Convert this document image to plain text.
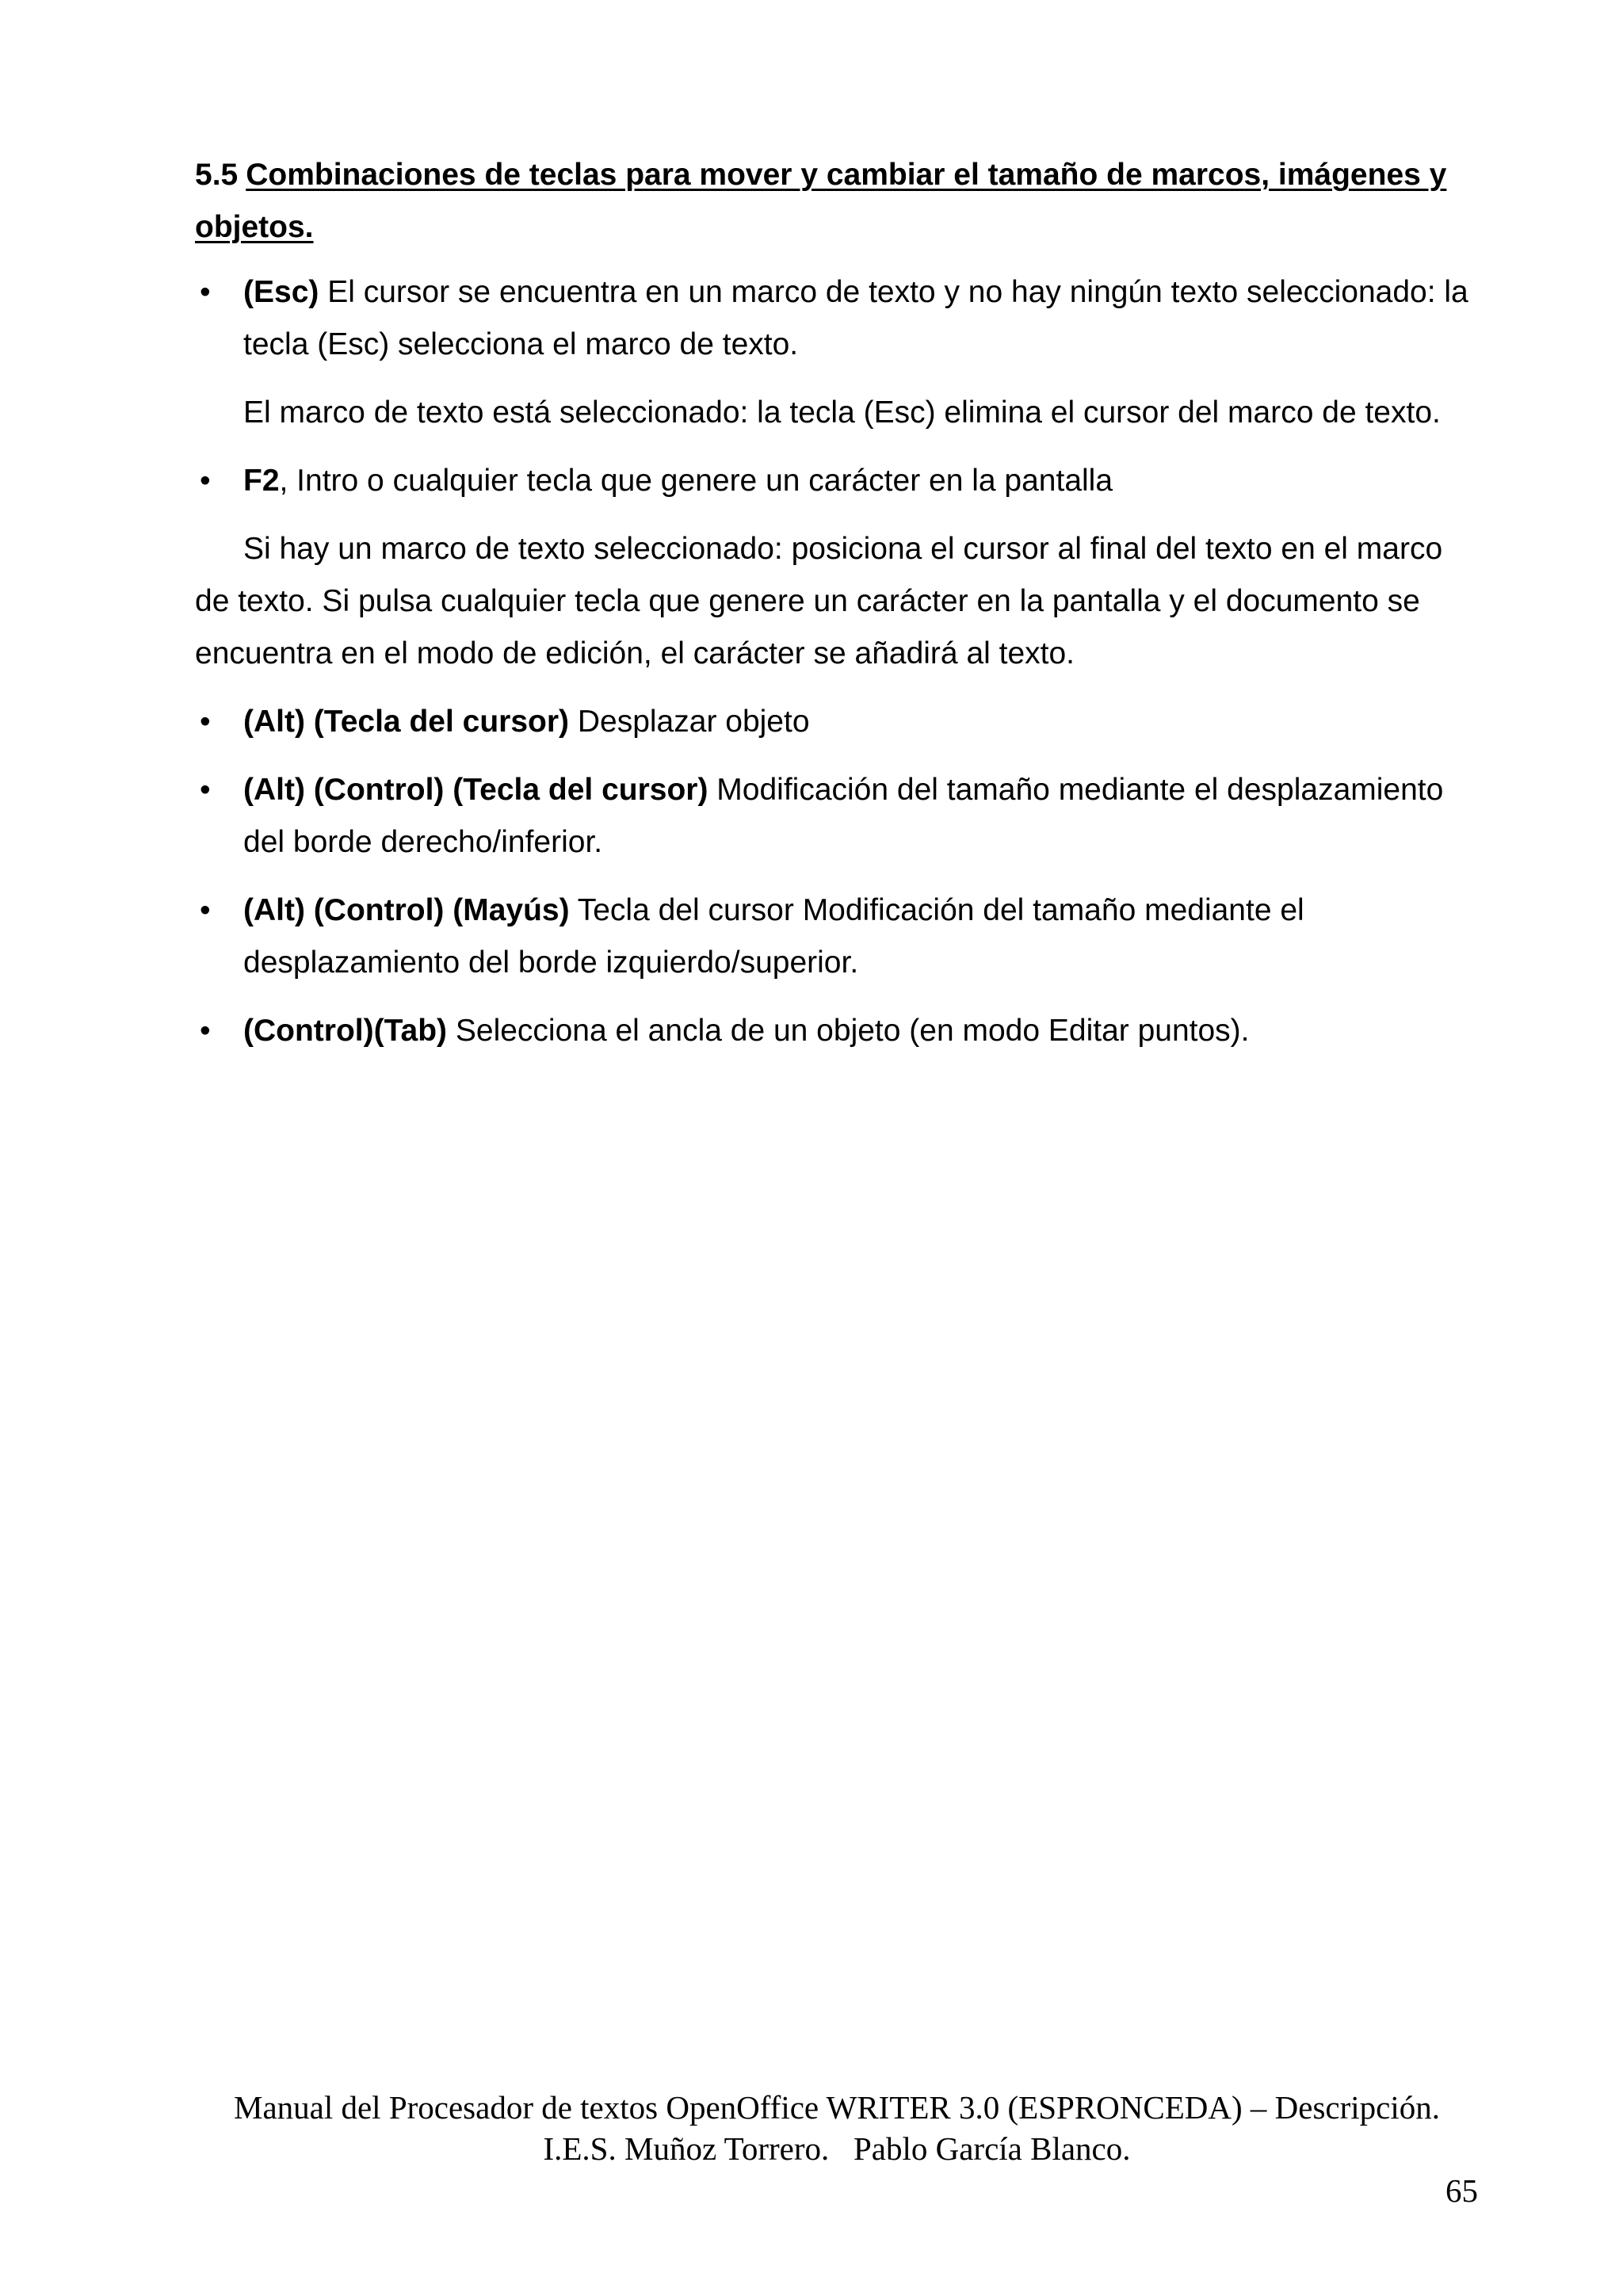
5.5 Combinaciones de teclas para mover y cambiar el tamaño de marcos, imágenes y objetos.

• (Esc) El cursor se encuentra en un marco de texto y no hay ningún texto seleccionado: la tecla (Esc) selecciona el marco de texto.

El marco de texto está seleccionado: la tecla (Esc) elimina el cursor del marco de texto.

• F2, Intro o cualquier tecla que genere un carácter en la pantalla

Si hay un marco de texto seleccionado: posiciona el cursor al final del texto en el marco de texto. Si pulsa cualquier tecla que genere un carácter en la pantalla y el documento se encuentra en el modo de edición, el carácter se añadirá al texto.

• (Alt) (Tecla del cursor) Desplazar objeto
• (Alt) (Control) (Tecla del cursor) Modificación del tamaño mediante el desplazamiento del borde derecho/inferior.
• (Alt) (Control) (Mayús) Tecla del cursor Modificación del tamaño mediante el desplazamiento del borde izquierdo/superior.
• (Control)(Tab) Selecciona el ancla de un objeto (en modo Editar puntos).
Manual del Procesador de textos OpenOffice WRITER 3.0 (ESPRONCEDA) – Descripción.
I.E.S. Muñoz Torrero.   Pablo García Blanco.
65
